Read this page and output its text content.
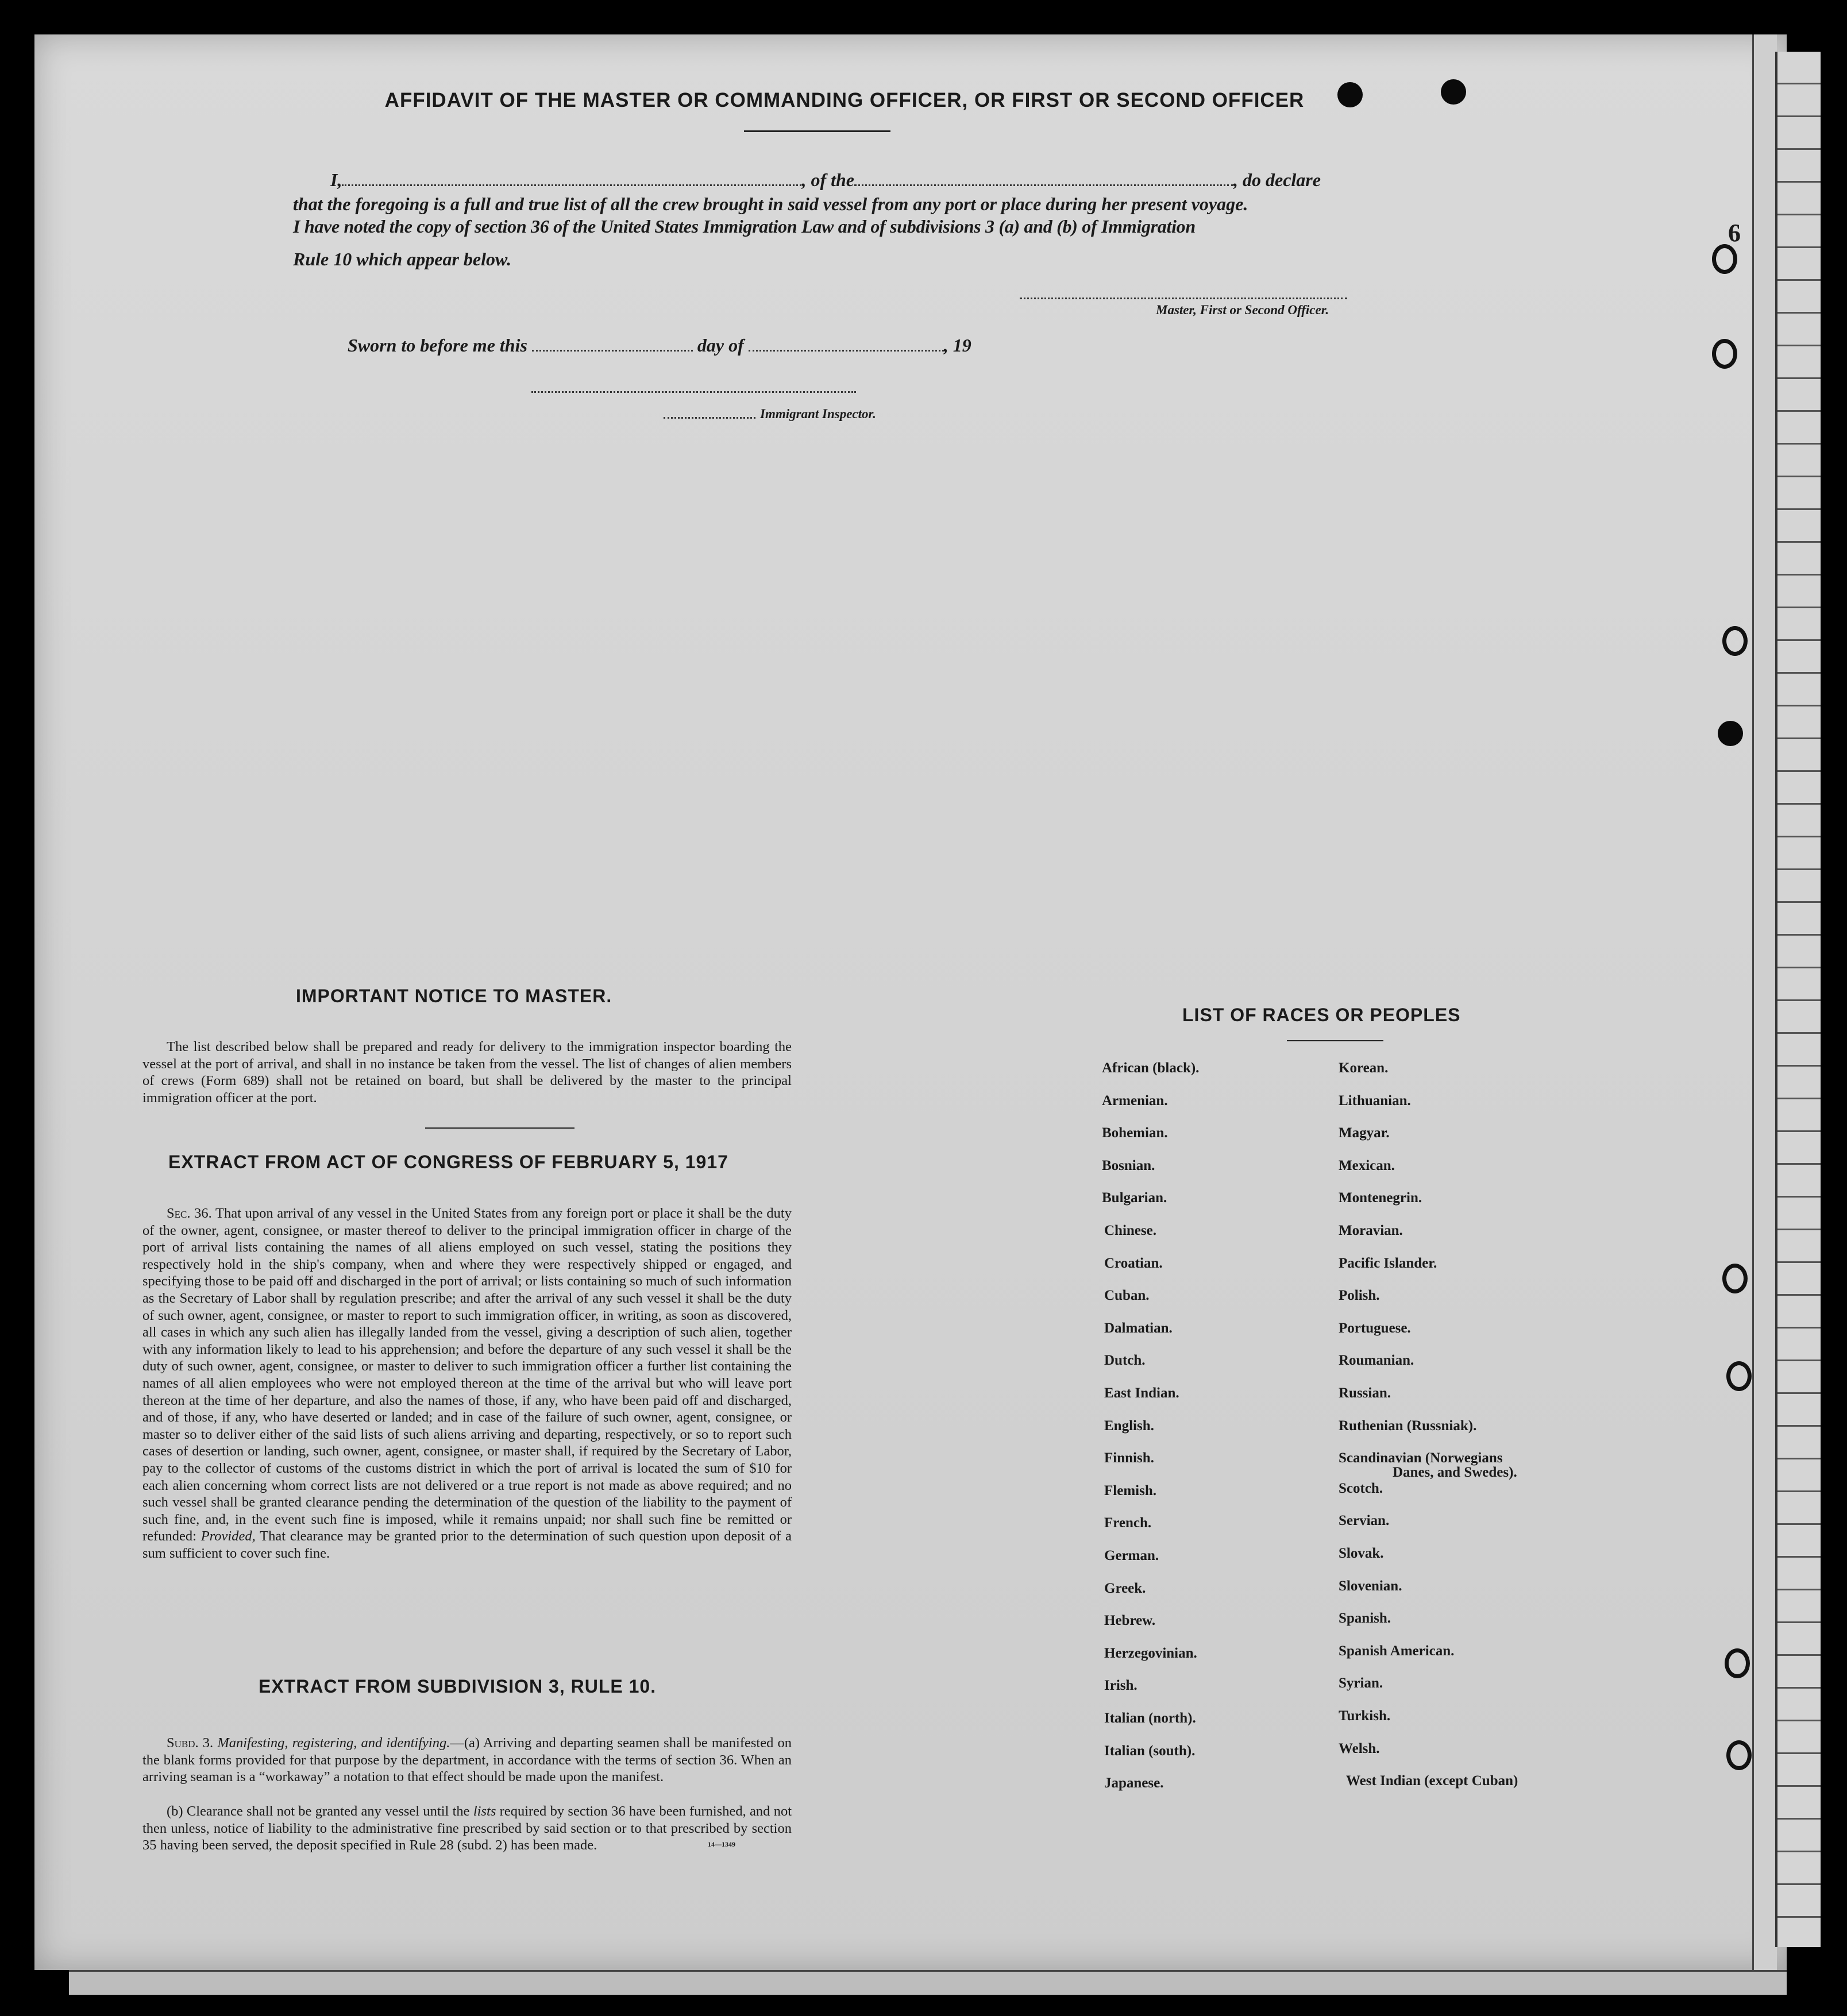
6
AFFIDAVIT OF THE MASTER OR COMMANDING OFFICER, OR FIRST OR SECOND OFFICER
I,	, of the	, do declare
that the foregoing is a full and true list of all the crew brought in said vessel from any port or place during her present voyage.
I have noted the copy of section 36 of the United States Immigration Law and of subdivisions 3 (a) and (b) of Immigration
Rule 10 which appear below.
Master, First or Second Officer.
Sworn to before me this	day of	, 19
Immigrant Inspector.
IMPORTANT NOTICE TO MASTER.
The list described below shall be prepared and ready for delivery to the immigration inspector boarding the vessel at the port of arrival, and shall in no instance be taken from the vessel. The list of changes of alien members of crews (Form 689) shall not be retained on board, but shall be delivered by the master to the principal immigration officer at the port.
EXTRACT FROM ACT OF CONGRESS OF FEBRUARY 5, 1917
Sec. 36. That upon arrival of any vessel in the United States from any foreign port or place it shall be the duty of the owner, agent, consignee, or master thereof to deliver to the principal immigration officer in charge of the port of arrival lists containing the names of all aliens employed on such vessel, stating the positions they respectively hold in the ship's company, when and where they were respectively shipped or engaged, and specifying those to be paid off and discharged in the port of arrival; or lists containing so much of such information as the Secretary of Labor shall by regulation prescribe; and after the arrival of any such vessel it shall be the duty of such owner, agent, consignee, or master to report to such immigration officer, in writing, as soon as discovered, all cases in which any such alien has illegally landed from the vessel, giving a description of such alien, together with any information likely to lead to his apprehension; and before the departure of any such vessel it shall be the duty of such owner, agent, consignee, or master to deliver to such immigration officer a further list containing the names of all alien employees who were not employed thereon at the time of the arrival but who will leave port thereon at the time of her departure, and also the names of those, if any, who have been paid off and discharged, and of those, if any, who have deserted or landed; and in case of the failure of such owner, agent, consignee, or master so to deliver either of the said lists of such aliens arriving and departing, respectively, or so to report such cases of desertion or landing, such owner, agent, consignee, or master shall, if required by the Secretary of Labor, pay to the collector of customs of the customs district in which the port of arrival is located the sum of $10 for each alien concerning whom correct lists are not delivered or a true report is not made as above required; and no such vessel shall be granted clearance pending the determination of the question of the liability to the payment of such fine, and, in the event such fine is imposed, while it remains unpaid; nor shall such fine be remitted or refunded: Provided, That clearance may be granted prior to the determination of such question upon deposit of a sum sufficient to cover such fine.
EXTRACT FROM SUBDIVISION 3, RULE 10.
Subd. 3. Manifesting, registering, and identifying.—(a) Arriving and departing seamen shall be manifested on the blank forms provided for that purpose by the department, in accordance with the terms of section 36. When an arriving seaman is a “workaway” a notation to that effect should be made upon the manifest.
(b) Clearance shall not be granted any vessel until the lists required by section 36 have been furnished, and not then unless, notice of liability to the administrative fine prescribed by said section or to that prescribed by section 35 having been served, the deposit specified in Rule 28 (subd. 2) has been made.	14—1349
LIST OF RACES OR PEOPLES
African (black).
Armenian.
Bohemian.
Bosnian.
Bulgarian.
Chinese.
Croatian.
Cuban.
Dalmatian.
Dutch.
East Indian.
English.
Finnish.
Flemish.
French.
German.
Greek.
Hebrew.
Herzegovinian.
Irish.
Italian (north).
Italian (south).
Japanese.
Korean.
Lithuanian.
Magyar.
Mexican.
Montenegrin.
Moravian.
Pacific Islander.
Polish.
Portuguese.
Roumanian.
Russian.
Ruthenian (Russniak).
Scandinavian (Norwegians
Danes, and Swedes).
Scotch.
Servian.
Slovak.
Slovenian.
Spanish.
Spanish American.
Syrian.
Turkish.
Welsh.
West Indian (except Cuban)
